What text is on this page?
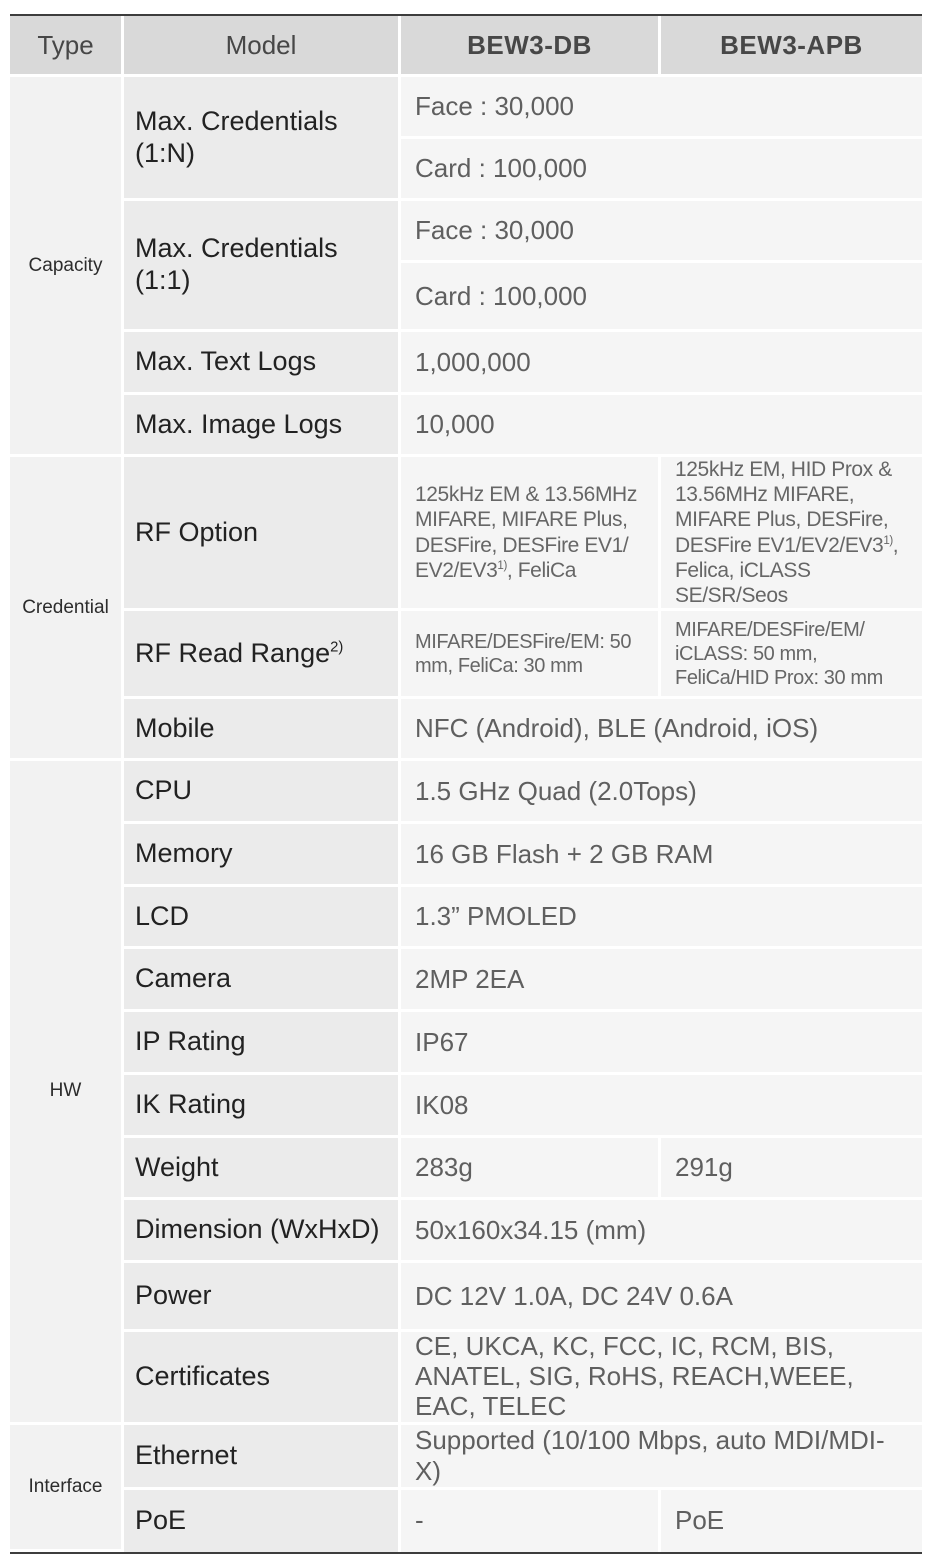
Type	Model	BEW3-DB	BEW3-APB
Capacity	Max. Credentials (1:N)	Face : 30,000	
		Card : 100,000	
	Max. Credentials (1:1)	Face : 30,000	
		Card : 100,000	
	Max. Text Logs	1,000,000	
	Max. Image Logs	10,000	
Credential	RF Option	125kHz EM & 13.56MHz MIFARE, MIFARE Plus, DESFire, DESFire EV1/ EV2/EV3$^{1)}$, FeliCa	125kHz EM, HID Prox & 13.56MHz MIFARE, MIFARE Plus, DESFire, DESFire EV1/EV2/EV3$^{1)}$, Felica, iCLASS SE/SR/Seos
	RF Read Range$^{2)}$	MIFARE/DESFire/EM: 50 mm, FeliCa: 30 mm	MIFARE/DESFire/EM/ iCLASS: 50 mm, FeliCa/HID Prox: 30 mm
	Mobile	NFC (Android), BLE (Android, iOS)	
HW	CPU	1.5 GHz Quad (2.0Tops)	
	Memory	16 GB Flash + 2 GB RAM	
	LCD	1.3” PMOLED	
	Camera	2MP 2EA	
	IP Rating	IP67	
	IK Rating	IK08	
	Weight	283g	291g
	Dimension (WxHxD)	50x160x34.15 (mm)	
	Power	DC 12V 1.0A, DC 24V 0.6A	
	Certificates	CE, UKCA, KC, FCC, IC, RCM, BIS, ANATEL, SIG, RoHS, REACH,WEEE, EAC, TELEC	
Interface	Ethernet	Supported (10/100 Mbps, auto MDI/MDI-X)	
	PoE	-	PoE
